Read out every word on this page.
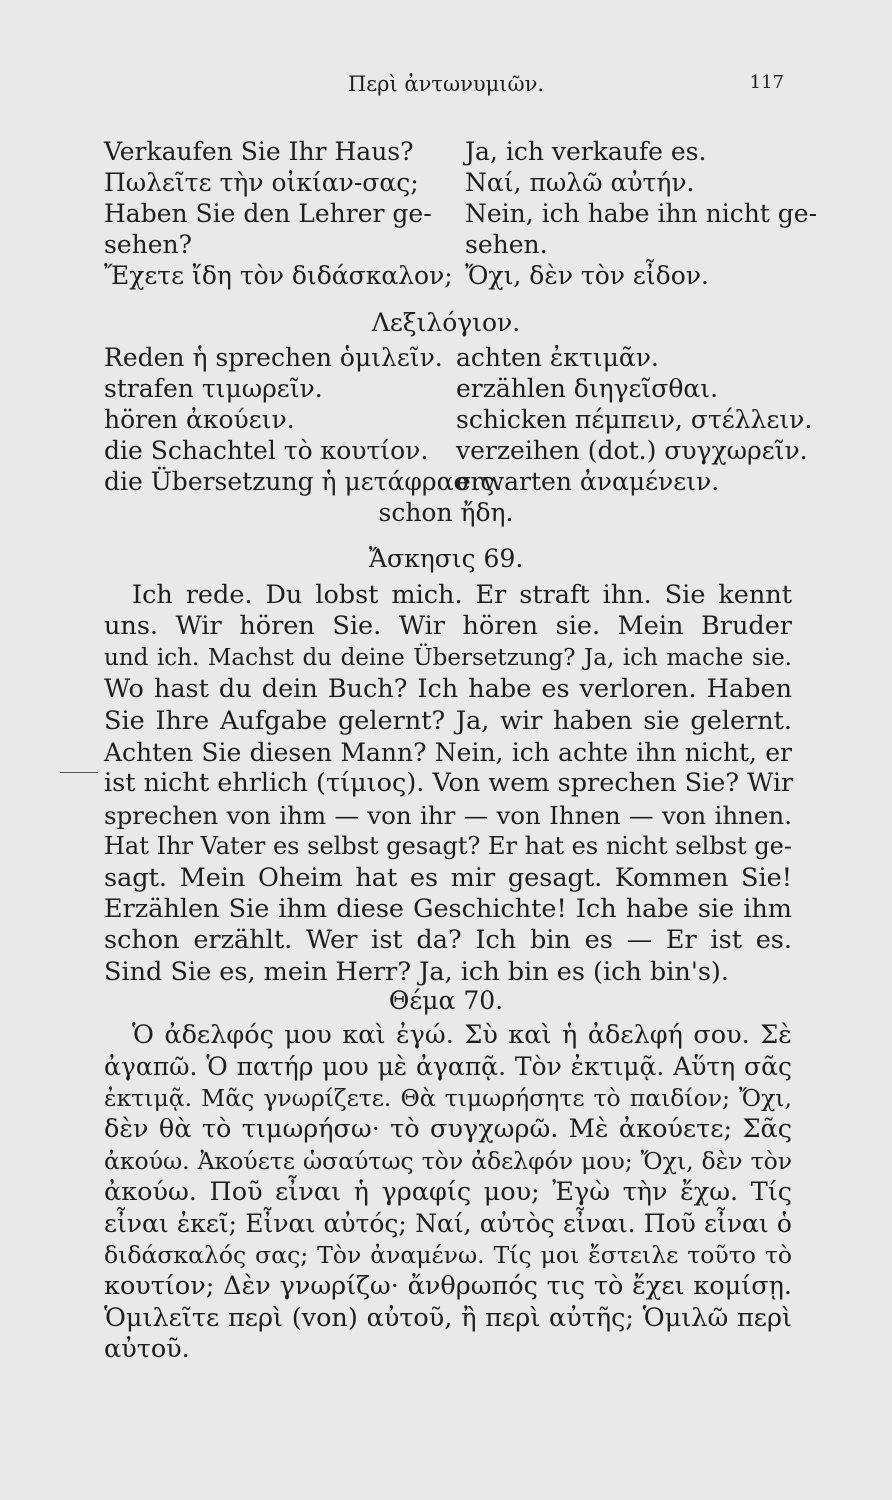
Περὶ ἀντωνυμιῶν.	117
Verkaufen Sie Ihr Haus?
Πωλεῖτε τὴν οἰκίαν-σας;
Haben Sie den Lehrer ge-
sehen?
Ἔχετε ἴδη τὸν διδάσκαλον;
Ja, ich verkaufe es.
Ναί, πωλῶ αὐτήν.
Nein, ich habe ihn nicht ge-
sehen.
Ὄχι, δὲν τὸν εἶδον.
Λεξιλόγιον.
Reden ἡ sprechen ὁμιλεῖν.
strafen τιμωρεῖν.
hören ἀκούειν.
die Schachtel τὸ κουτίον.
die Übersetzung ἡ μετάφρασις.
achten ἐκτιμᾶν.
erzählen διηγεῖσθαι.
schicken πέμπειν, στέλλειν.
verzeihen (dot.) συγχωρεῖν.
erwarten ἀναμένειν.
schon ἤδη.
Ἄσκησις 69.
Ich rede. Du lobst mich. Er straft ihn. Sie kennt
uns. Wir hören Sie. Wir hören sie. Mein Bruder
und ich. Machst du deine Übersetzung? Ja, ich mache sie.
Wo hast du dein Buch? Ich habe es verloren. Haben
Sie Ihre Aufgabe gelernt? Ja, wir haben sie gelernt.
Achten Sie diesen Mann? Nein, ich achte ihn nicht, er
ist nicht ehrlich (τίμιος). Von wem sprechen Sie? Wir
sprechen von ihm — von ihr — von Ihnen — von ihnen.
Hat Ihr Vater es selbst gesagt? Er hat es nicht selbst ge-
sagt. Mein Oheim hat es mir gesagt. Kommen Sie!
Erzählen Sie ihm diese Geschichte! Ich habe sie ihm
schon erzählt. Wer ist da? Ich bin es — Er ist es.
Sind Sie es, mein Herr? Ja, ich bin es (ich bin's).
Θέμα 70.
Ὁ ἀδελφός μου καὶ ἐγώ. Σὺ καὶ ἡ ἀδελφή σου. Σὲ
ἀγαπῶ. Ὁ πατήρ μου μὲ ἀγαπᾷ. Τὸν ἐκτιμᾷ. Αὕτη σᾶς
ἐκτιμᾷ. Μᾶς γνωρίζετε. Θὰ τιμωρήσητε τὸ παιδίον; Ὄχι,
δὲν θὰ τὸ τιμωρήσω· τὸ συγχωρῶ. Μὲ ἀκούετε; Σᾶς
ἀκούω. Ἀκούετε ὡσαύτως τὸν ἀδελφόν μου; Ὄχι, δὲν τὸν
ἀκούω. Ποῦ εἶναι ἡ γραφίς μου; Ἐγὼ τὴν ἔχω. Τίς
εἶναι ἐκεῖ; Εἶναι αὐτός; Ναί, αὐτὸς εἶναι. Ποῦ εἶναι ὁ
διδάσκαλός σας; Τὸν ἀναμένω. Τίς μοι ἔστειλε τοῦτο τὸ
κουτίον; Δὲν γνωρίζω· ἄνθρωπός τις τὸ ἔχει κομίσῃ.
Ὁμιλεῖτε περὶ (von) αὐτοῦ, ἢ περὶ αὐτῆς; Ὁμιλῶ περὶ
αὐτοῦ.
